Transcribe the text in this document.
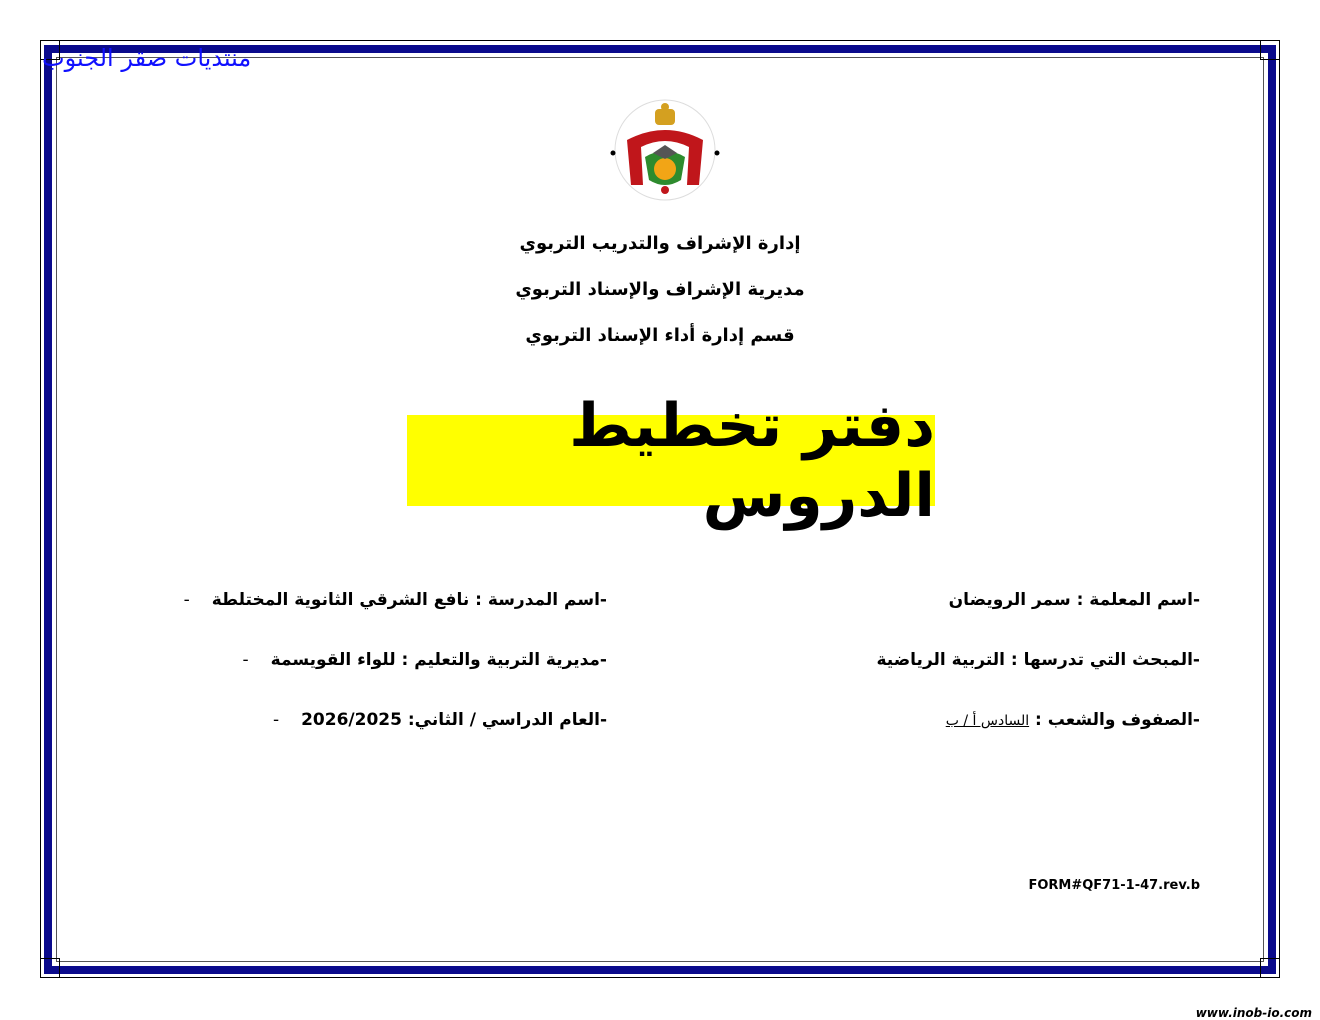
منتديات صقر الجنوب
إدارة الإشراف والتدريب التربوي
مديرية الإشراف والإسناد التربوي
قسم إدارة أداء الإسناد التربوي
دفتر تخطيط الدروس
-اسم المعلمة : سمر الرويضان
-المبحث التي تدرسها : التربية الرياضية
-الصفوف والشعب : السادس أ / ب
-اسم المدرسة : نافع الشرقي الثانوية المختلطة-
-مديرية التربية والتعليم : للواء القويسمة-
-العام الدراسي / الثاني: 2026/2025-
FORM#QF71-1-47.rev.b
www.inob-io.com
